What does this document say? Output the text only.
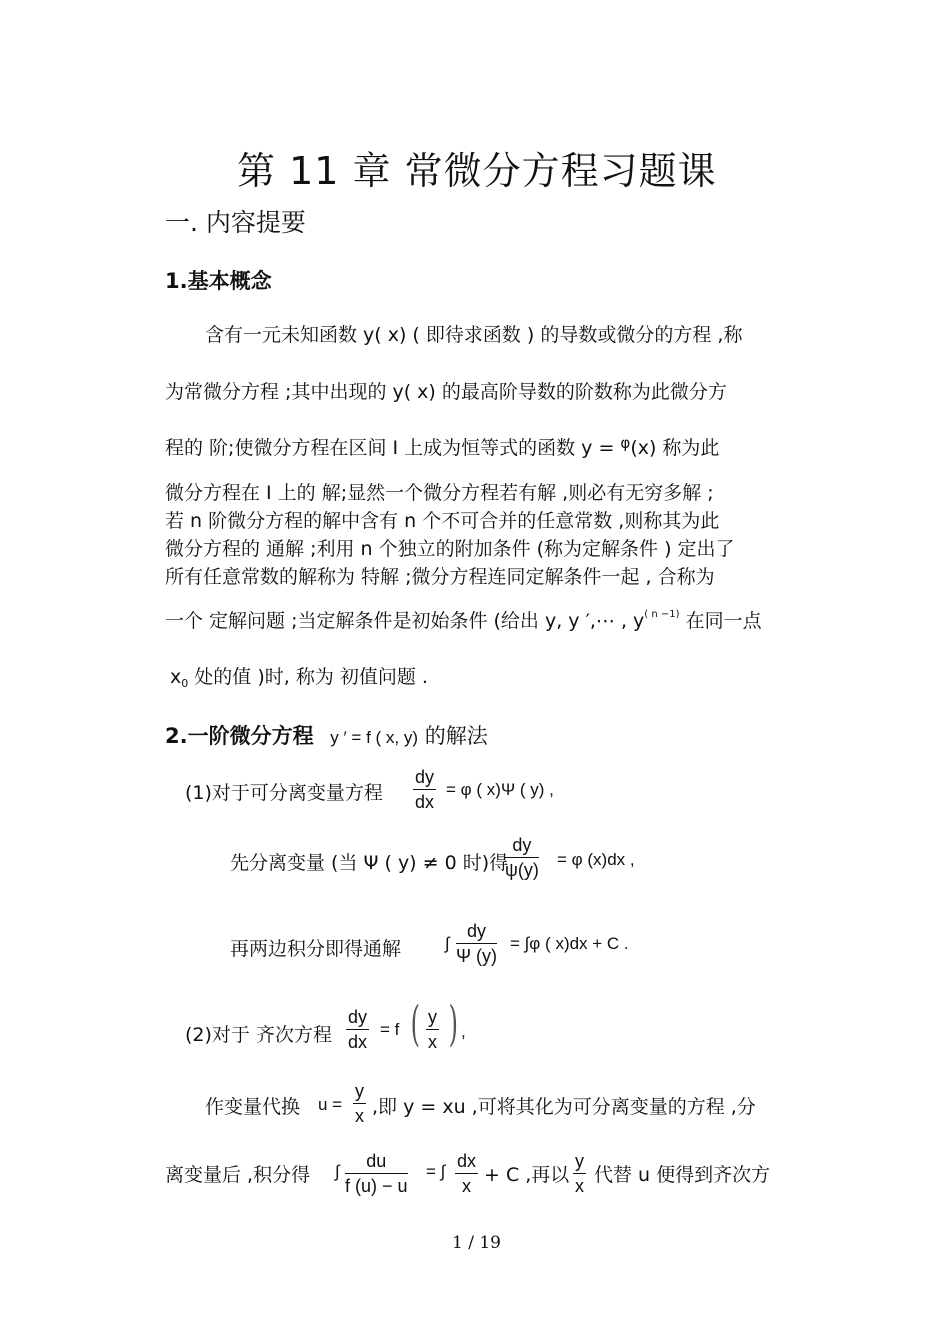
第 11 章 常微分方程习题课
一. 内容提要
1.基本概念
含有一元未知函数 y( x) ( 即待求函数 ) 的导数或微分的方程 ,称
为常微分方程 ;其中出现的 y( x) 的最高阶导数的阶数称为此微分方
程的 阶;使微分方程在区间 I 上成为恒等式的函数 y = $^\varphi$(x) 称为此
微分方程在 I 上的 解;显然一个微分方程若有解 ,则必有无穷多解 ;
若 n 阶微分方程的解中含有 n 个不可合并的任意常数 ,则称其为此
微分方程的 通解 ;利用 n 个独立的附加条件 (称为定解条件 ) 定出了
所有任意常数的解称为 特解 ;微分方程连同定解条件一起 , 合称为
一个 定解问题 ;当定解条件是初始条件 (给出 y, y ′,⋯ , $y^{( n -1)}$ 在同一点
$x_0$ 处的值 )时, 称为 初值问题 .
2.一阶微分方程 y ′ = f ( x, y) 的解法
(1)对于可分离变量方程 $\frac{dy}{dx} = \varphi$ ( x)Ψ ( y) ,
先分离变量 (当 Ψ ( y) ≠ 0 时)得
$\frac{dy}{\psi(y)} = \varphi$ (x)dx ,
再两边积分即得通解	∫ $\frac{dy}{\Psi (y)} = \int\varphi$ ( x)dx + C .
(2)对于 齐次方程 $\frac{dy}{dx} = f$ ( $\frac{y}{x}$ ) ,
作变量代换 $u = \frac{y}{x}$ ,即 y = xu ,可将其化为可分离变量的方程 ,分
离变量后 ,积分得 ∫ $\frac{du}{f (u) - u}$ = ∫ $\frac{dx}{x} + C$ ,再以 $\frac{y}{x}$ 代替 u 便得到齐次方
1 / 19
